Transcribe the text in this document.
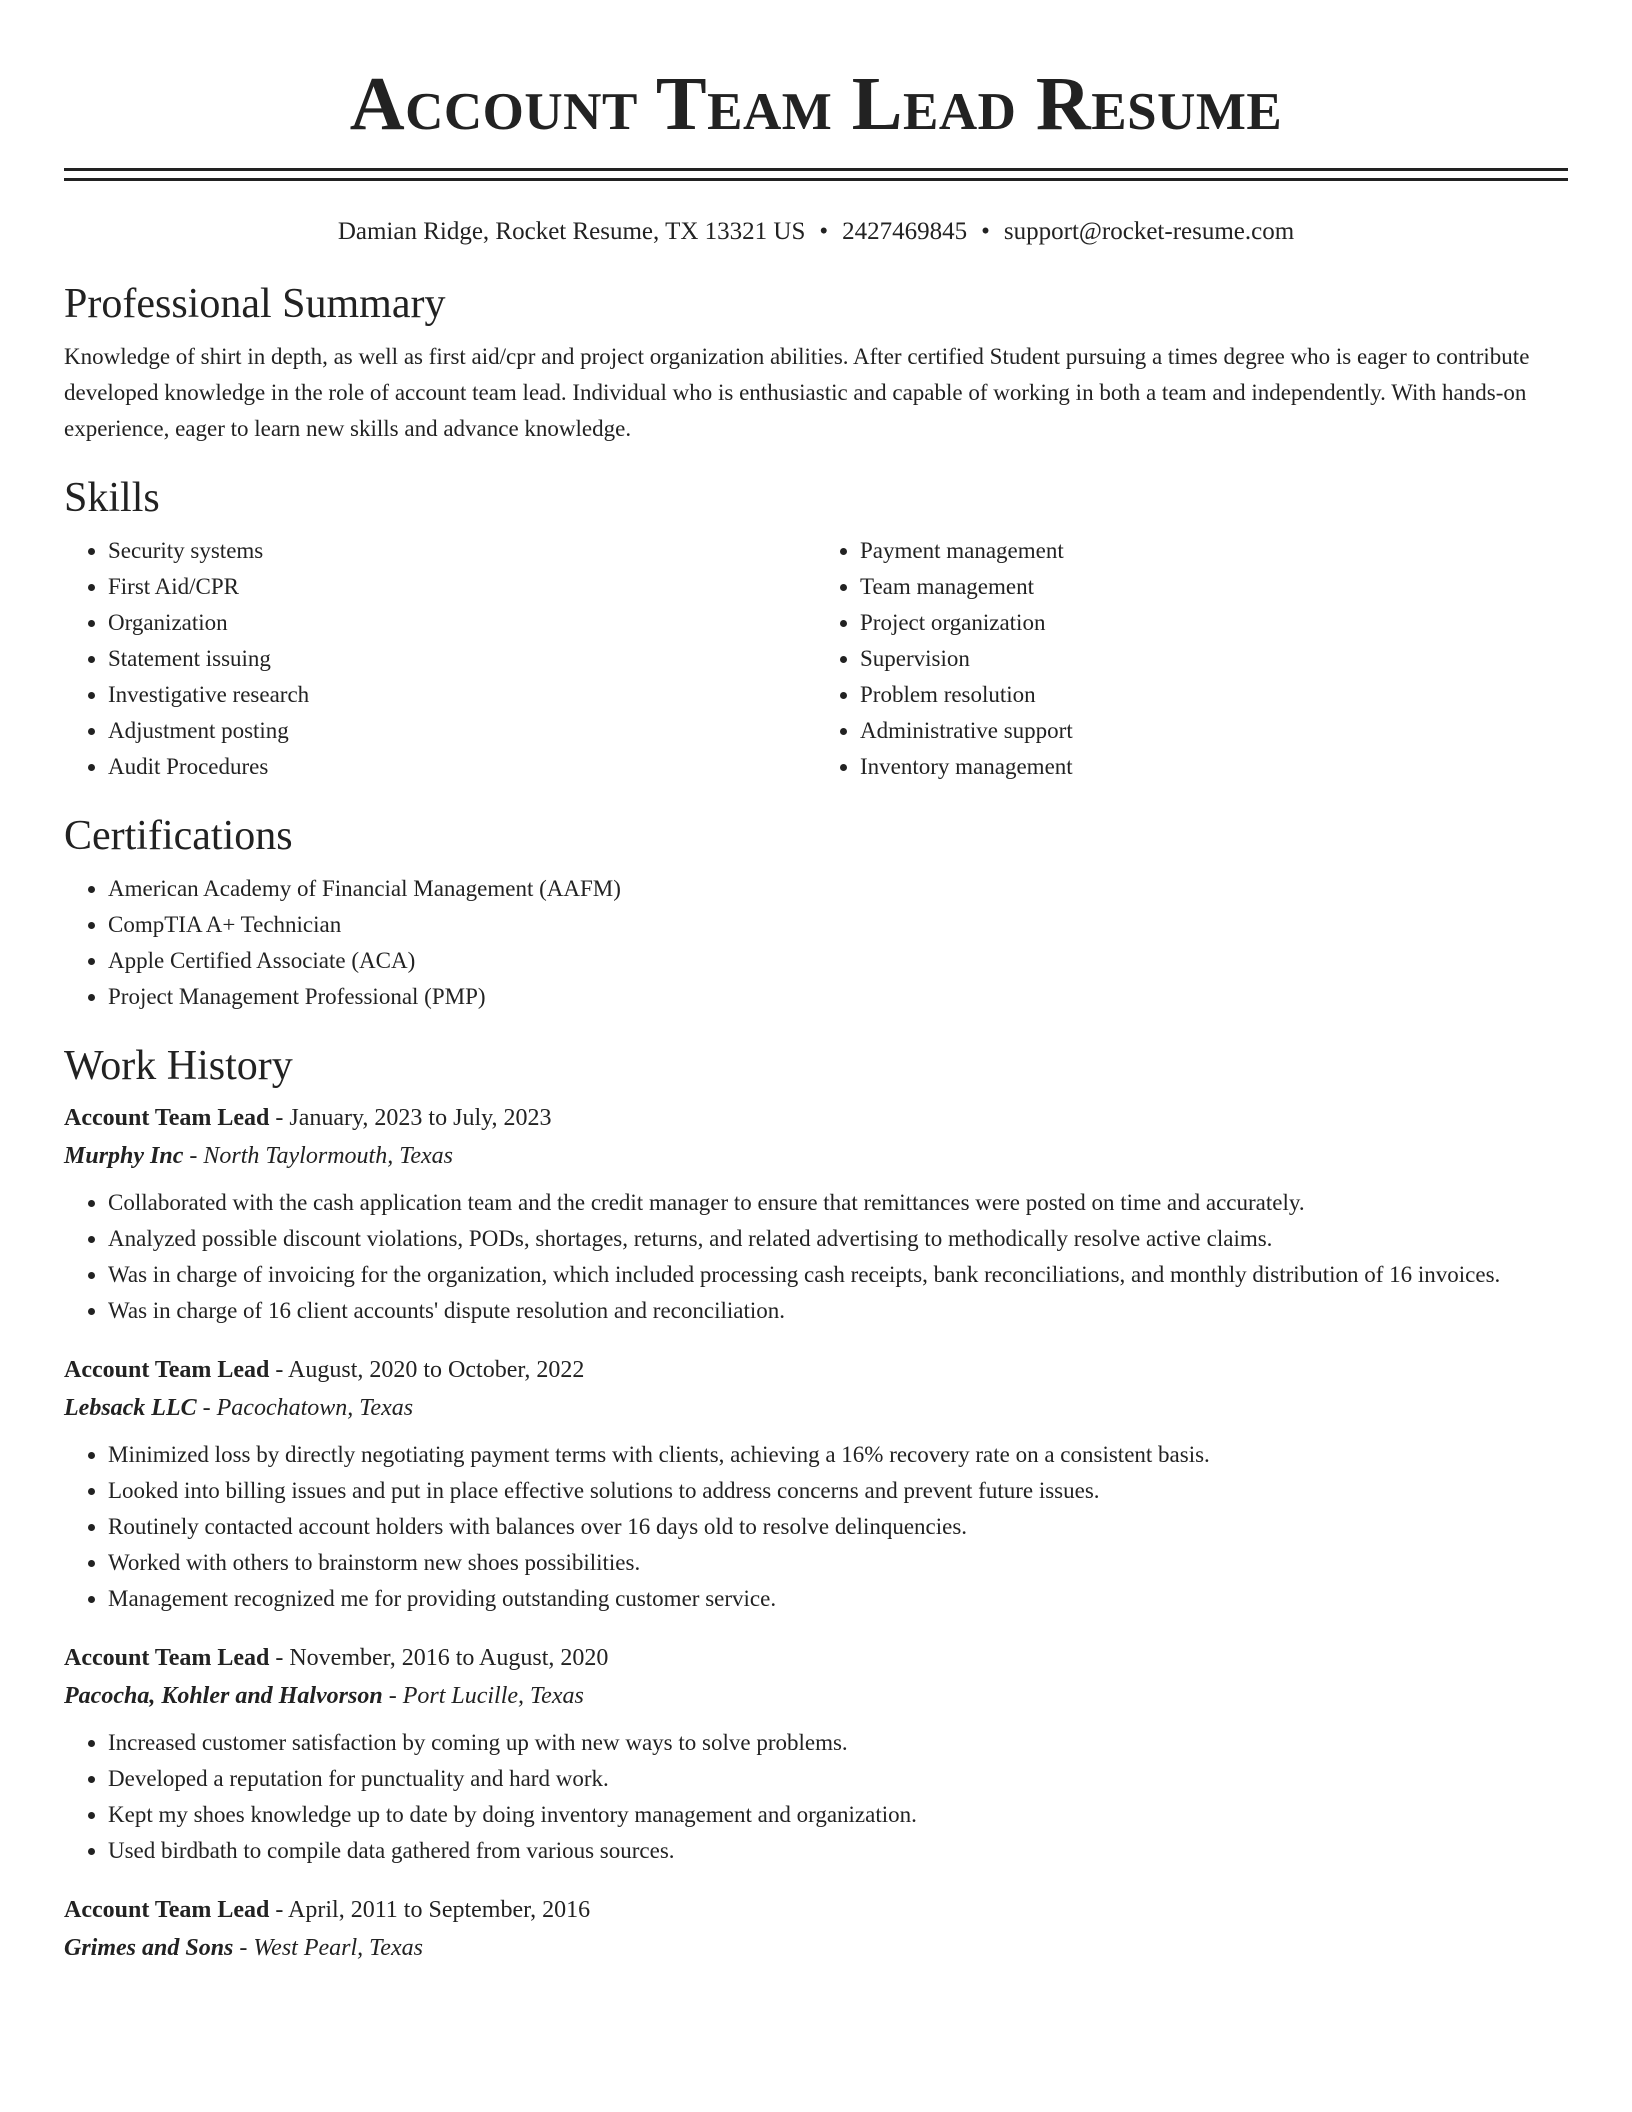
Account Team Lead Resume
Damian Ridge, Rocket Resume, TX 13321 US • 2427469845 • support@rocket-resume.com
Professional Summary

Knowledge of shirt in depth, as well as first aid/cpr and project organization abilities. After certified Student pursuing a times degree who is eager to contribute developed knowledge in the role of account team lead. Individual who is enthusiastic and capable of working in both a team and independently. With hands-on experience, eager to learn new skills and advance knowledge.

Skills
• Security systems
• First Aid/CPR
• Organization
• Statement issuing
• Investigative research
• Adjustment posting
• Audit Procedures
• Payment management
• Team management
• Project organization
• Supervision
• Problem resolution
• Administrative support
• Inventory management
Certifications
• American Academy of Financial Management (AAFM)
• CompTIA A+ Technician
• Apple Certified Associate (ACA)
• Project Management Professional (PMP)
Work History
Account Team Lead - January, 2023 to July, 2023
Murphy Inc - North Taylormouth, Texas
• Collaborated with the cash application team and the credit manager to ensure that remittances were posted on time and accurately.
• Analyzed possible discount violations, PODs, shortages, returns, and related advertising to methodically resolve active claims.
• Was in charge of invoicing for the organization, which included processing cash receipts, bank reconciliations, and monthly distribution of 16 invoices.
• Was in charge of 16 client accounts' dispute resolution and reconciliation.
Account Team Lead - August, 2020 to October, 2022
Lebsack LLC - Pacochatown, Texas
• Minimized loss by directly negotiating payment terms with clients, achieving a 16% recovery rate on a consistent basis.
• Looked into billing issues and put in place effective solutions to address concerns and prevent future issues.
• Routinely contacted account holders with balances over 16 days old to resolve delinquencies.
• Worked with others to brainstorm new shoes possibilities.
• Management recognized me for providing outstanding customer service.
Account Team Lead - November, 2016 to August, 2020
Pacocha, Kohler and Halvorson - Port Lucille, Texas
• Increased customer satisfaction by coming up with new ways to solve problems.
• Developed a reputation for punctuality and hard work.
• Kept my shoes knowledge up to date by doing inventory management and organization.
• Used birdbath to compile data gathered from various sources.
Account Team Lead - April, 2011 to September, 2016
Grimes and Sons - West Pearl, Texas
